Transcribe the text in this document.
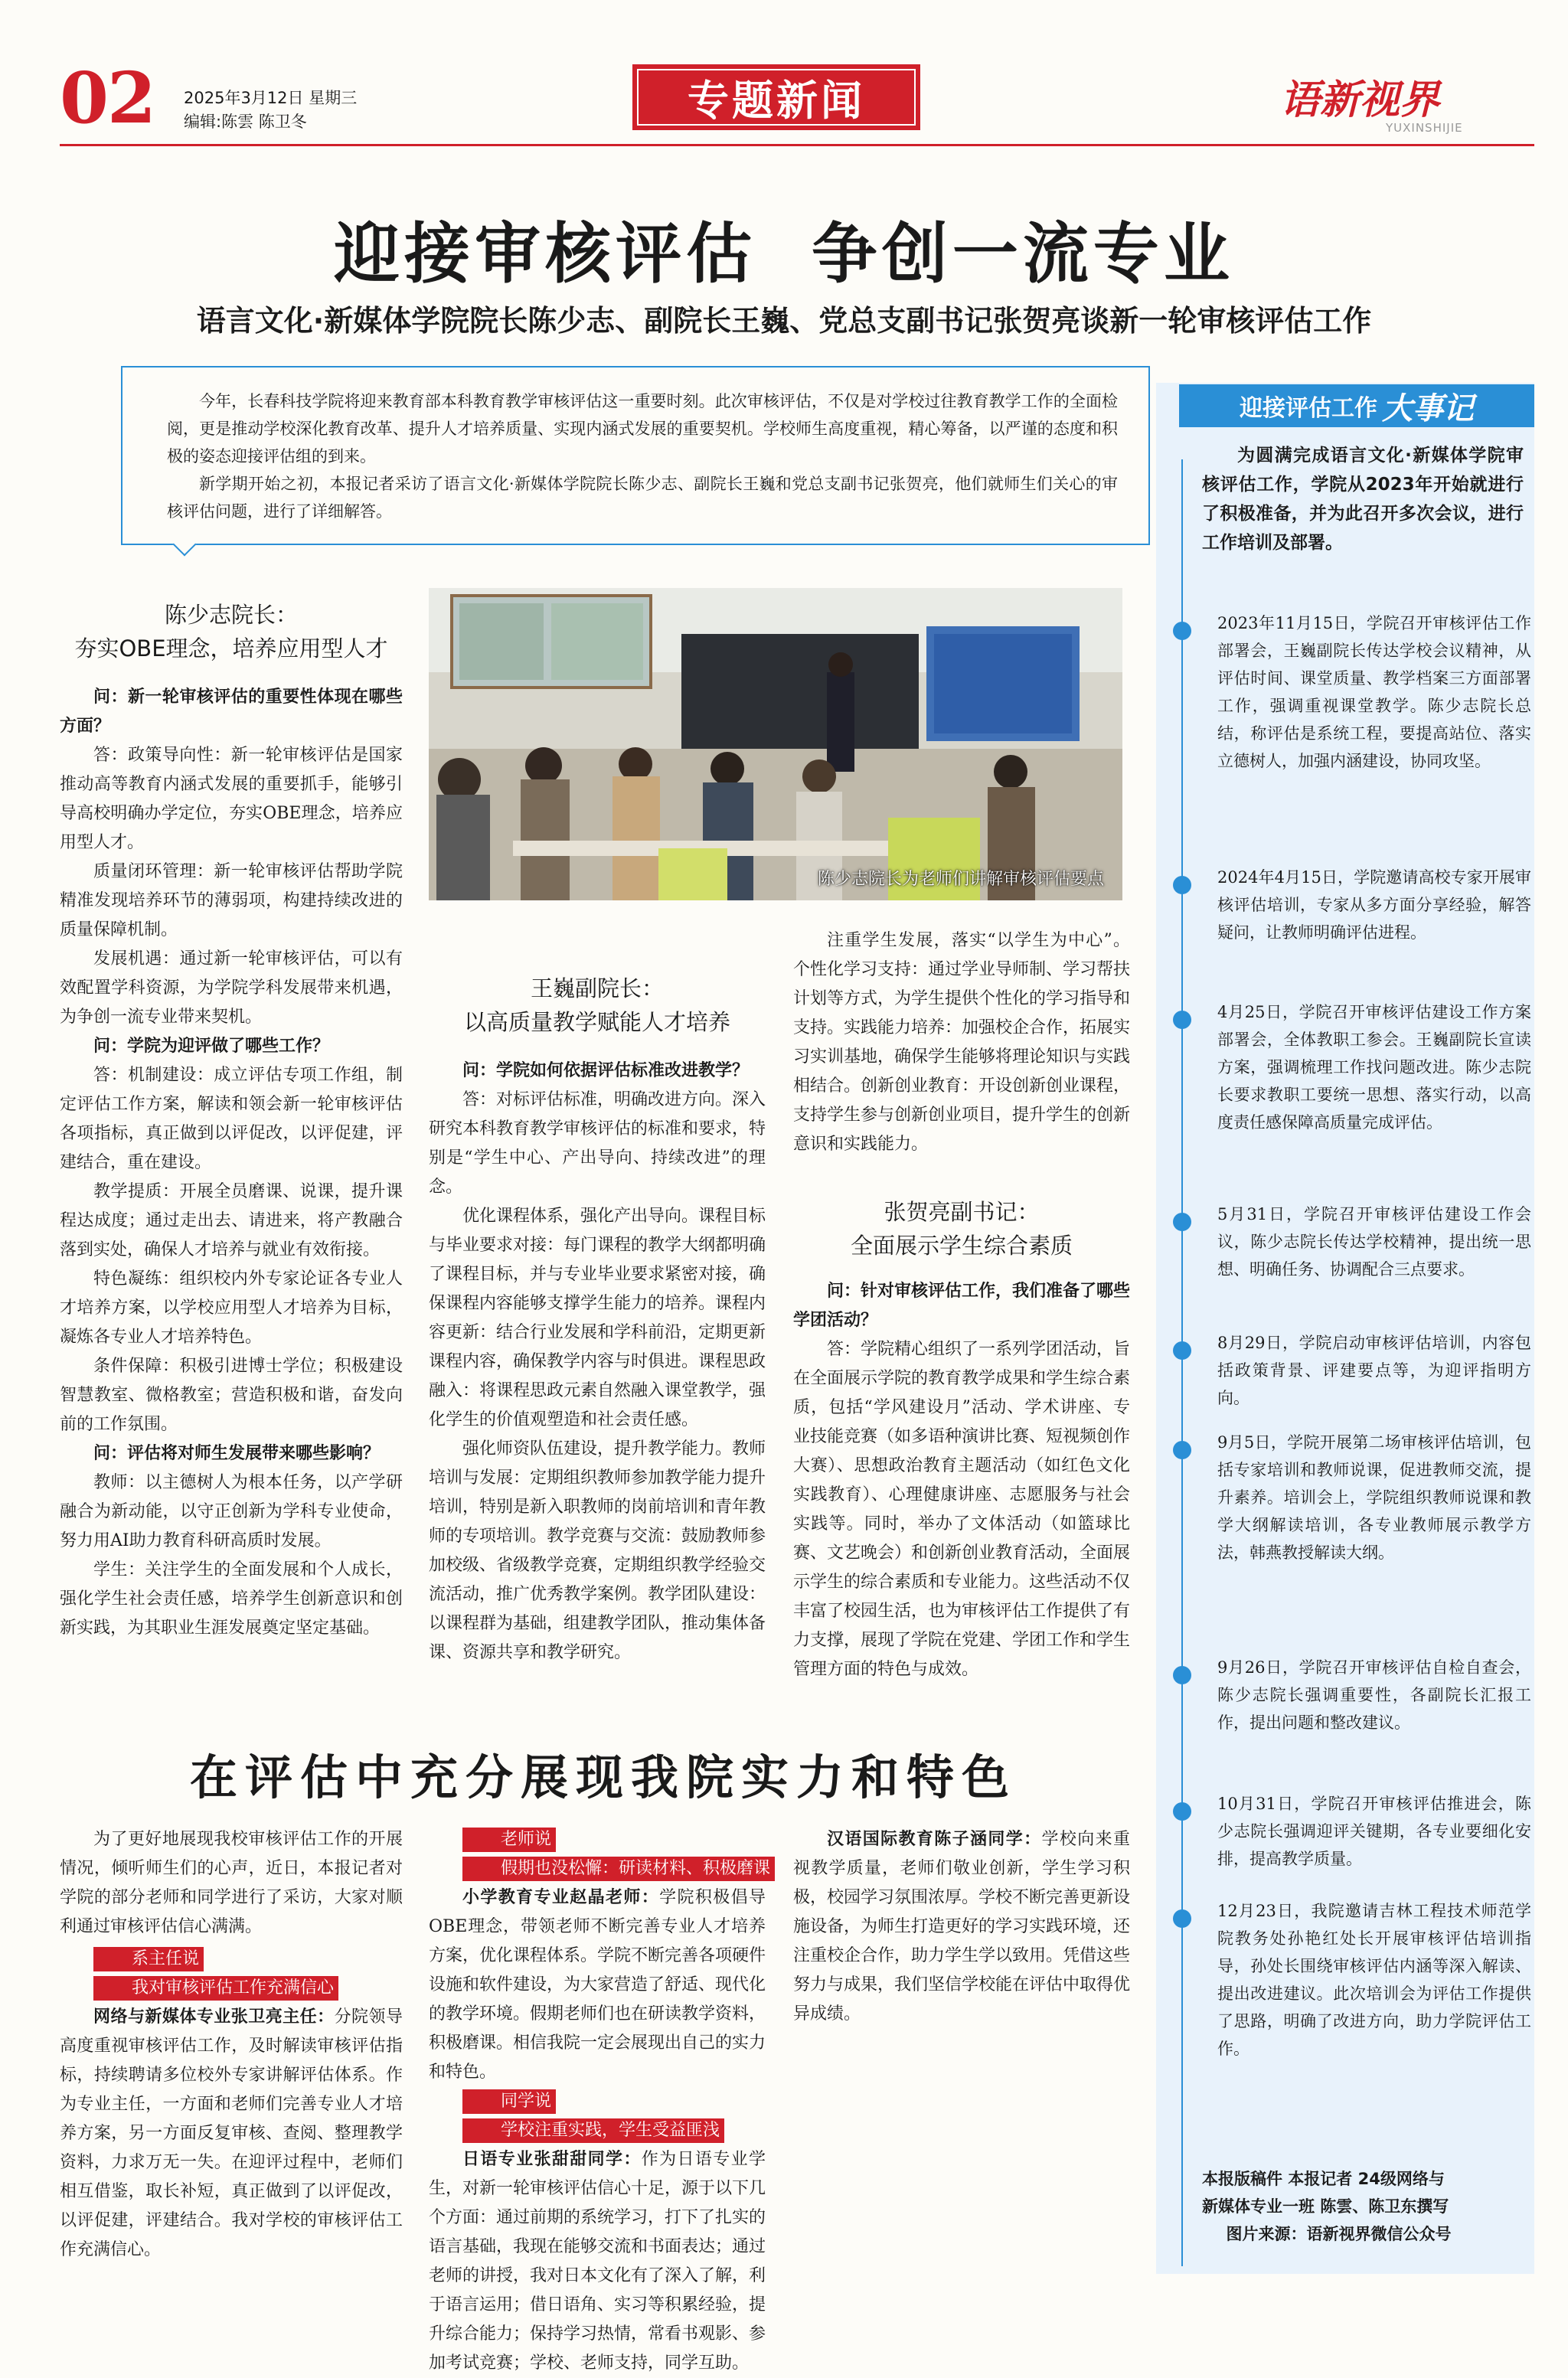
02 2025年3月12日 星期三
编辑:陈雲 陈卫冬	专题新闻	语新视界
YUXINSHIJIE
迎接审核评估  争创一流专业
语言文化·新媒体学院院长陈少志、副院长王巍、党总支副书记张贺亮谈新一轮审核评估工作

今年，长春科技学院将迎来教育部本科教育教学审核评估这一重要时刻。此次审核评估，不仅是对学校过往教育教学工作的全面检阅，更是推动学校深化教育改革、提升人才培养质量、实现内涵式发展的重要契机。学校师生高度重视，精心筹备，以严谨的态度和积极的姿态迎接评估组的到来。

新学期开始之初，本报记者采访了语言文化·新媒体学院院长陈少志、副院长王巍和党总支副书记张贺亮，他们就师生们关心的审核评估问题，进行了详细解答。

陈少志院长为老师们讲解审核评估要点
陈少志院长：
夯实OBE理念，培养应用型人才

问：新一轮审核评估的重要性体现在哪些方面？

答：政策导向性：新一轮审核评估是国家推动高等教育内涵式发展的重要抓手，能够引导高校明确办学定位，夯实OBE理念，培养应用型人才。

质量闭环管理：新一轮审核评估帮助学院精准发现培养环节的薄弱项，构建持续改进的质量保障机制。

发展机遇：通过新一轮审核评估，可以有效配置学科资源，为学院学科发展带来机遇，为争创一流专业带来契机。

问：学院为迎评做了哪些工作？

答：机制建设：成立评估专项工作组，制定评估工作方案，解读和领会新一轮审核评估各项指标，真正做到以评促改，以评促建，评建结合，重在建设。

教学提质：开展全员磨课、说课，提升课程达成度；通过走出去、请进来，将产教融合落到实处，确保人才培养与就业有效衔接。

特色凝练：组织校内外专家论证各专业人才培养方案，以学校应用型人才培养为目标，凝炼各专业人才培养特色。

条件保障：积极引进博士学位；积极建设智慧教室、微格教室；营造积极和谐，奋发向前的工作氛围。

问：评估将对师生发展带来哪些影响？

教师：以主德树人为根本任务，以产学研融合为新动能，以守正创新为学科专业使命，努力用AI助力教育科研高质时发展。

学生：关注学生的全面发展和个人成长，强化学生社会责任感，培养学生创新意识和创新实践，为其职业生涯发展奠定坚定基础。

王巍副院长：
以高质量教学赋能人才培养

问：学院如何依据评估标准改进教学？

答：对标评估标准，明确改进方向。深入研究本科教育教学审核评估的标准和要求，特别是“学生中心、产出导向、持续改进”的理念。

优化课程体系，强化产出导向。课程目标与毕业要求对接：每门课程的教学大纲都明确了课程目标，并与专业毕业要求紧密对接，确保课程内容能够支撑学生能力的培养。课程内容更新：结合行业发展和学科前沿，定期更新课程内容，确保教学内容与时俱进。课程思政融入：将课程思政元素自然融入课堂教学，强化学生的价值观塑造和社会责任感。

强化师资队伍建设，提升教学能力。教师培训与发展：定期组织教师参加教学能力提升培训，特别是新入职教师的岗前培训和青年教师的专项培训。教学竞赛与交流：鼓励教师参加校级、省级教学竞赛，定期组织教学经验交流活动，推广优秀教学案例。教学团队建设：以课程群为基础，组建教学团队，推动集体备课、资源共享和教学研究。

注重学生发展，落实“以学生为中心”。个性化学习支持：通过学业导师制、学习帮扶计划等方式，为学生提供个性化的学习指导和支持。实践能力培养：加强校企合作，拓展实习实训基地，确保学生能够将理论知识与实践相结合。创新创业教育：开设创新创业课程，支持学生参与创新创业项目，提升学生的创新意识和实践能力。

张贺亮副书记：
全面展示学生综合素质

问：针对审核评估工作，我们准备了哪些学团活动？

答：学院精心组织了一系列学团活动，旨在全面展示学院的教育教学成果和学生综合素质，包括“学风建设月”活动、学术讲座、专业技能竞赛（如多语种演讲比赛、短视频创作大赛）、思想政治教育主题活动（如红色文化实践教育）、心理健康讲座、志愿服务与社会实践等。同时，举办了文体活动（如篮球比赛、文艺晚会）和创新创业教育活动，全面展示学生的综合素质和专业能力。这些活动不仅丰富了校园生活，也为审核评估工作提供了有力支撑，展现了学院在党建、学团工作和学生管理方面的特色与成效。

在评估中充分展现我院实力和特色

为了更好地展现我校审核评估工作的开展情况，倾听师生们的心声，近日，本报记者对学院的部分老师和同学进行了采访，大家对顺利通过审核评估信心满满。

系主任说

我对审核评估工作充满信心

网络与新媒体专业张卫亮主任：分院领导高度重视审核评估工作，及时解读审核评估指标，持续聘请多位校外专家讲解评估体系。作为专业主任，一方面和老师们完善专业人才培养方案，另一方面反复审核、查阅、整理教学资料，力求万无一失。在迎评过程中，老师们相互借鉴，取长补短，真正做到了以评促改，以评促建，评建结合。我对学校的审核评估工作充满信心。

老师说

假期也没松懈：研读材料、积极磨课

小学教育专业赵晶老师：学院积极倡导OBE理念，带领老师不断完善专业人才培养方案，优化课程体系。学院不断完善各项硬件设施和软件建设，为大家营造了舒适、现代化的教学环境。假期老师们也在研读教学资料，积极磨课。相信我院一定会展现出自己的实力和特色。

同学说

学校注重实践，学生受益匪浅

日语专业张甜甜同学：作为日语专业学生，对新一轮审核评估信心十足，源于以下几个方面：通过前期的系统学习，打下了扎实的语言基础，我现在能够交流和书面表达；通过老师的讲授，我对日本文化有了深入了解，利于语言运用；借日语角、实习等积累经验，提升综合能力；保持学习热情，常看书观影、参加考试竞赛；学校、老师支持，同学互助。

汉语国际教育陈子涵同学：学校向来重视教学质量，老师们敬业创新，学生学习积极，校园学习氛围浓厚。学校不断完善更新设施设备，为师生打造更好的学习实践环境，还注重校企合作，助力学生学以致用。凭借这些努力与成果，我们坚信学校能在评估中取得优异成绩。

迎接评估工作 大事记
为圆满完成语言文化·新媒体学院审核评估工作，学院从2023年开始就进行了积极准备，并为此召开多次会议，进行工作培训及部署。
2023年11月15日，学院召开审核评估工作部署会，王巍副院长传达学校会议精神，从评估时间、课堂质量、教学档案三方面部署工作，强调重视课堂教学。陈少志院长总结，称评估是系统工程，要提高站位、落实立德树人，加强内涵建设，协同攻坚。
2024年4月15日，学院邀请高校专家开展审核评估培训，专家从多方面分享经验，解答疑问，让教师明确评估进程。
4月25日，学院召开审核评估建设工作方案部署会，全体教职工参会。王巍副院长宣读方案，强调梳理工作找问题改进。陈少志院长要求教职工要统一思想、落实行动，以高度责任感保障高质量完成评估。
5月31日，学院召开审核评估建设工作会议，陈少志院长传达学校精神，提出统一思想、明确任务、协调配合三点要求。
8月29日，学院启动审核评估培训，内容包括政策背景、评建要点等，为迎评指明方向。
9月5日，学院开展第二场审核评估培训，包括专家培训和教师说课，促进教师交流，提升素养。培训会上，学院组织教师说课和教学大纲解读培训，各专业教师展示教学方法，韩燕教授解读大纲。
9月26日，学院召开审核评估自检自查会，陈少志院长强调重要性，各副院长汇报工作，提出问题和整改建议。
10月31日，学院召开审核评估推进会，陈少志院长强调迎评关键期，各专业要细化安排，提高教学质量。
12月23日，我院邀请吉林工程技术师范学院教务处孙艳红处长开展审核评估培训指导，孙处长围绕审核评估内涵等深入解读、提出改进建议。此次培训会为评估工作提供了思路，明确了改进方向，助力学院评估工作。
本报版稿件 本报记者 24级网络与
新媒体专业一班 陈雲、陈卫东撰写
图片来源：语新视界微信公众号
